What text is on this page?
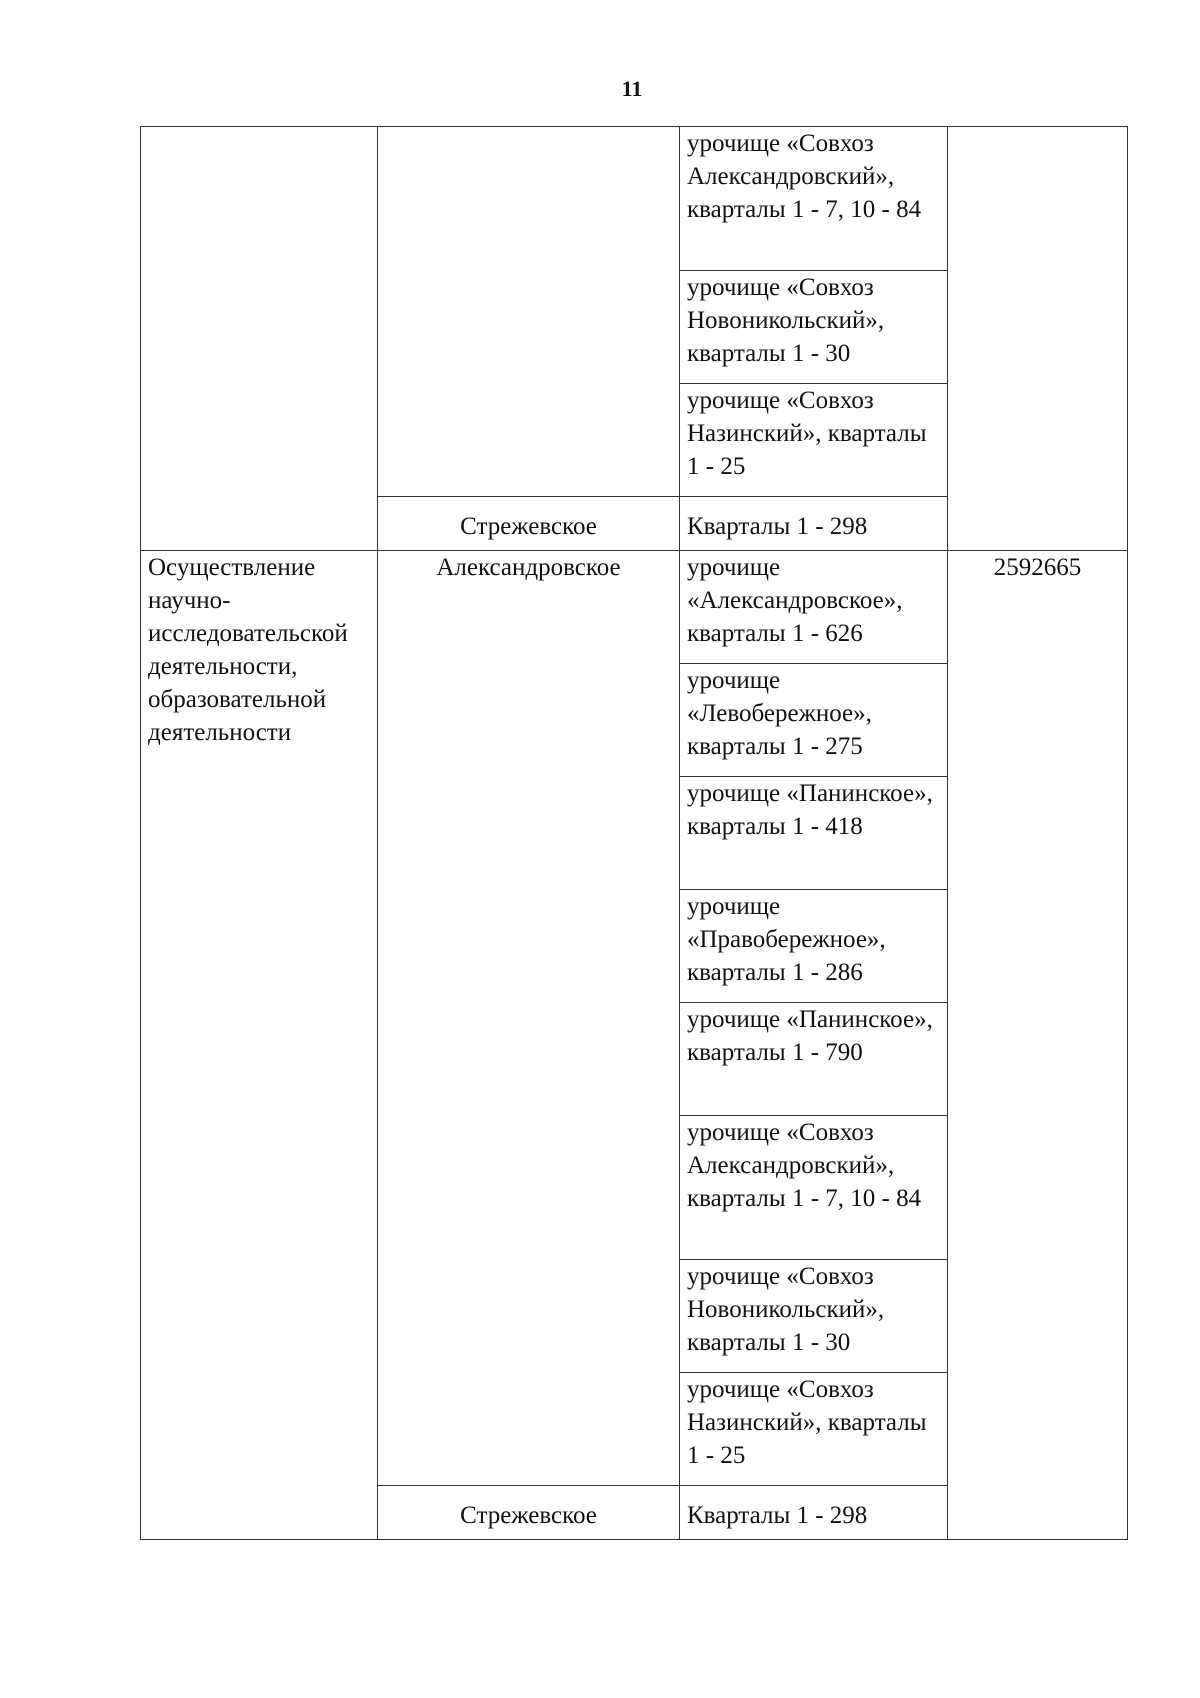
11
		урочище «Совхоз Александровский», кварталы 1 - 7, 10 - 84	

		урочище «Совхоз Новоникольский», кварталы 1 - 30	
		урочище «Совхоз Назинский», кварталы 1 - 25	
	Стрежевское	Кварталы 1 - 298	
Осуществление научно-исследовательской деятельности, образовательной деятельности	Александровское	урочище «Александровское», кварталы 1 - 626	2592665

		урочище «Левобережное», кварталы 1 - 275	
		урочище «Панинское», кварталы 1 - 418	
		урочище «Правобережное», кварталы 1 - 286	
		урочище «Панинское», кварталы 1 - 790	
		урочище «Совхоз Александровский», кварталы 1 - 7, 10 - 84	
		урочище «Совхоз Новоникольский», кварталы 1 - 30	
		урочище «Совхоз Назинский», кварталы 1 - 25	
	Стрежевское	Кварталы 1 - 298	
